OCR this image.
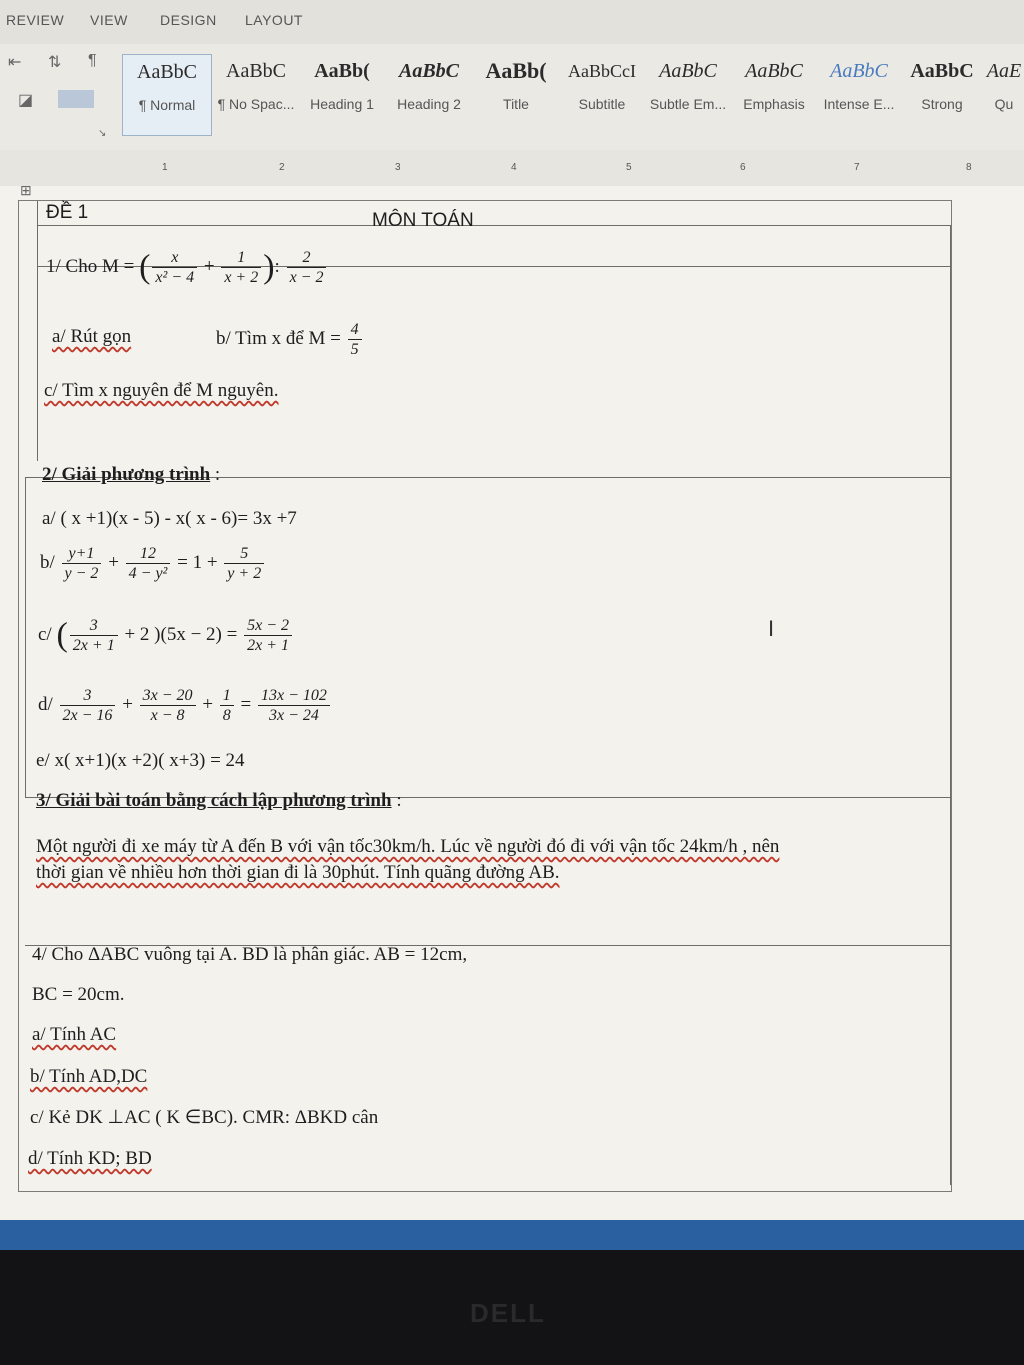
REVIEW VIEW DESIGN LAYOUT
⇤ ⇅ ¶
◪
↘
AaBbC
¶ Normal
AaBbC
¶ No Spac...
AaBb(
Heading 1
AaBbC
Heading 2
AaBb(
Title
AaBbCcI
Subtitle
AaBbC
Subtle Em...
AaBbC
Emphasis
AaBbC
Intense E...
AaBbC
Strong
AaE
Qu
1	2	3	4	5	6	7	8
⊞
ĐỀ 1	MÔN TOÁN
1/ Cho M = ( $\frac{x}{\text{x² − 4}} + \frac{1}{x + 2}$ ): $\frac{2}{x - 2}$
a/ Rút gọn	b/ Tìm x để $M = \frac{4}{5}$
c/ Tìm x nguyên để M nguyên.
2/ Giải phương trình :
a/ ( x +1)(x - 5) - x( x - 6)= 3x +7
$b/ \frac{y+1}{y - 2} + \frac{12}{\text{4 − y²}} = 1 + \frac{5}{y + 2}$
c/ ( $\frac{3}{2x + 1} + 2$ )$(5x - 2) = \frac{5x - 2}{2x + 1}$
$d/ \frac{3}{2x - 16} + \frac{3x - 20}{x - 8} + \frac{1}{8} = \frac{13x - 102}{3x - 24}$
e/ x( x+1)(x +2)( x+3) = 24
3/ Giải bài toán bằng cách lập phương trình :
Một người đi xe máy từ A đến B với vận tốc30km/h. Lúc về người đó đi với vận tốc 24km/h , nên
thời gian về nhiều hơn thời gian đi là 30phút. Tính quãng đường AB.
4/ Cho ΔABC vuông tại A. BD là phân giác. AB = 12cm,
BC = 20cm.
a/ Tính AC
b/ Tính AD,DC
c/ Kẻ DK ⊥AC ( K ∈BC). CMR: ΔBKD cân
d/ Tính KD; BD
I
DELL
